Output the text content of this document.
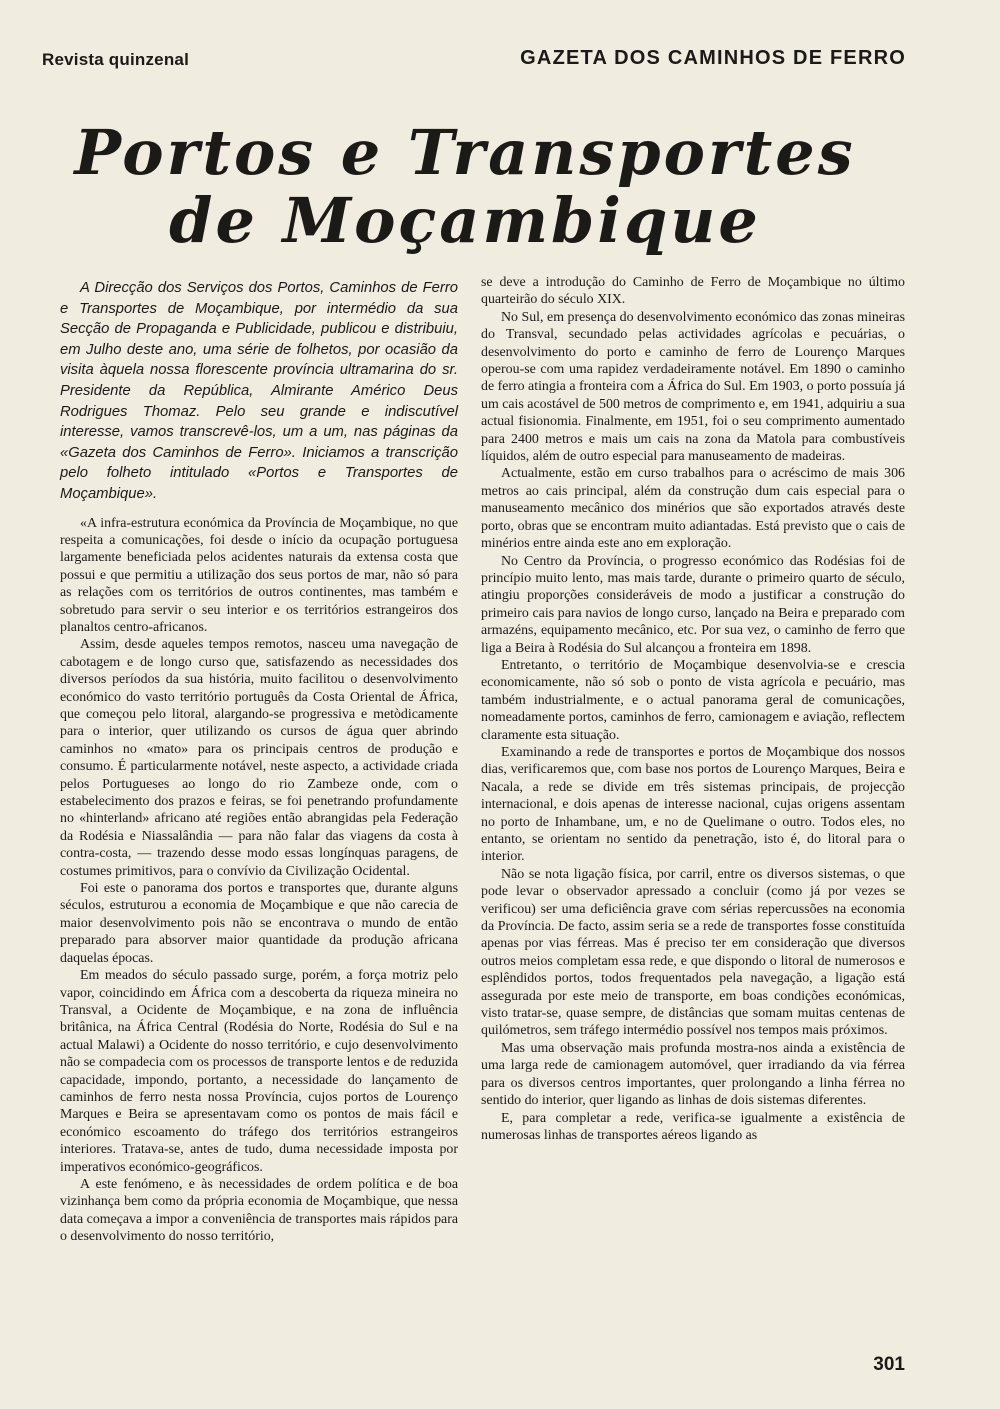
Revista quinzenal	GAZETA DOS CAMINHOS DE FERRO
Portos e Transportes
de Moçambique

A Direcção dos Serviços dos Portos, Caminhos de Ferro e Transportes de Moçambique, por intermédio da sua Secção de Propaganda e Publicidade, publicou e distribuiu, em Julho deste ano, uma série de folhetos, por ocasião da visita àquela nossa florescente província ultramarina do sr. Presidente da República, Almirante Américo Deus Rodrigues Thomaz. Pelo seu grande e indiscutível interesse, vamos transcrevê-los, um a um, nas páginas da «Gazeta dos Caminhos de Ferro». Iniciamos a transcrição pelo folheto intitulado «Portos e Transportes de Moçambique».

«A infra-estrutura económica da Província de Moçambique, no que respeita a comunicações, foi desde o início da ocupação portuguesa largamente beneficiada pelos acidentes naturais da extensa costa que possui e que permitiu a utilização dos seus portos de mar, não só para as relações com os territórios de outros continentes, mas também e sobretudo para servir o seu interior e os territórios estrangeiros dos planaltos centro-africanos.

Assim, desde aqueles tempos remotos, nasceu uma navegação de cabotagem e de longo curso que, satisfazendo as necessidades dos diversos períodos da sua história, muito facilitou o desenvolvimento económico do vasto território português da Costa Oriental de África, que começou pelo litoral, alargando-se progressiva e metòdicamente para o interior, quer utilizando os cursos de água quer abrindo caminhos no «mato» para os principais centros de produção e consumo. É particularmente notável, neste aspecto, a actividade criada pelos Portugueses ao longo do rio Zambeze onde, com o estabelecimento dos prazos e feiras, se foi penetrando profundamente no «hinterland» africano até regiões então abrangidas pela Federação da Rodésia e Niassalândia — para não falar das viagens da costa à contra-costa, — trazendo desse modo essas longínquas paragens, de costumes primitivos, para o convívio da Civilização Ocidental.

Foi este o panorama dos portos e transportes que, durante alguns séculos, estruturou a economia de Moçambique e que não carecia de maior desenvolvimento pois não se encontrava o mundo de então preparado para absorver maior quantidade da produção africana daquelas épocas.

Em meados do século passado surge, porém, a força motriz pelo vapor, coincidindo em África com a descoberta da riqueza mineira no Transval, a Ocidente de Moçambique, e na zona de influência britânica, na África Central (Rodésia do Norte, Rodésia do Sul e na actual Malawi) a Ocidente do nosso território, e cujo desenvolvimento não se compadecia com os processos de transporte lentos e de reduzida capacidade, impondo, portanto, a necessidade do lançamento de caminhos de ferro nesta nossa Província, cujos portos de Lourenço Marques e Beira se apresentavam como os pontos de mais fácil e económico escoamento do tráfego dos territórios estrangeiros interiores. Tratava-se, antes de tudo, duma necessidade imposta por imperativos económico-geográficos.

A este fenómeno, e às necessidades de ordem política e de boa vizinhança bem como da própria economia de Moçambique, que nessa data começava a impor a conveniência de transportes mais rápidos para o desenvolvimento do nosso território,

se deve a introdução do Caminho de Ferro de Moçambique no último quarteirão do século XIX.

No Sul, em presença do desenvolvimento económico das zonas mineiras do Transval, secundado pelas actividades agrícolas e pecuárias, o desenvolvimento do porto e caminho de ferro de Lourenço Marques operou-se com uma rapidez verdadeiramente notável. Em 1890 o caminho de ferro atingia a fronteira com a África do Sul. Em 1903, o porto possuía já um cais acostável de 500 metros de comprimento e, em 1941, adquiriu a sua actual fisionomia. Finalmente, em 1951, foi o seu comprimento aumentado para 2400 metros e mais um cais na zona da Matola para combustíveis líquidos, além de outro especial para manuseamento de madeiras.

Actualmente, estão em curso trabalhos para o acréscimo de mais 306 metros ao cais principal, além da construção dum cais especial para o manuseamento mecânico dos minérios que são exportados através deste porto, obras que se encontram muito adiantadas. Está previsto que o cais de minérios entre ainda este ano em exploração.

No Centro da Província, o progresso económico das Rodésias foi de princípio muito lento, mas mais tarde, durante o primeiro quarto de século, atingiu proporções consideráveis de modo a justificar a construção do primeiro cais para navios de longo curso, lançado na Beira e preparado com armazéns, equipamento mecânico, etc. Por sua vez, o caminho de ferro que liga a Beira à Rodésia do Sul alcançou a fronteira em 1898.

Entretanto, o território de Moçambique desenvolvia-se e crescia economicamente, não só sob o ponto de vista agrícola e pecuário, mas também industrialmente, e o actual panorama geral de comunicações, nomeadamente portos, caminhos de ferro, camionagem e aviação, reflectem claramente esta situação.

Examinando a rede de transportes e portos de Moçambique dos nossos dias, verificaremos que, com base nos portos de Lourenço Marques, Beira e Nacala, a rede se divide em três sistemas principais, de projecção internacional, e dois apenas de interesse nacional, cujas origens assentam no porto de Inhambane, um, e no de Quelimane o outro. Todos eles, no entanto, se orientam no sentido da penetração, isto é, do litoral para o interior.

Não se nota ligação física, por carril, entre os diversos sistemas, o que pode levar o observador apressado a concluir (como já por vezes se verificou) ser uma deficiência grave com sérias repercussões na economia da Província. De facto, assim seria se a rede de transportes fosse constituída apenas por vias férreas. Mas é preciso ter em consideração que diversos outros meios completam essa rede, e que dispondo o litoral de numerosos e esplêndidos portos, todos frequentados pela navegação, a ligação está assegurada por este meio de transporte, em boas condições económicas, visto tratar-se, quase sempre, de distâncias que somam muitas centenas de quilómetros, sem tráfego intermédio possível nos tempos mais próximos.

Mas uma observação mais profunda mostra-nos ainda a existência de uma larga rede de camionagem automóvel, quer irradiando da via férrea para os diversos centros importantes, quer prolongando a linha férrea no sentido do interior, quer ligando as linhas de dois sistemas diferentes.

E, para completar a rede, verifica-se igualmente a existência de numerosas linhas de transportes aéreos ligando as

301
